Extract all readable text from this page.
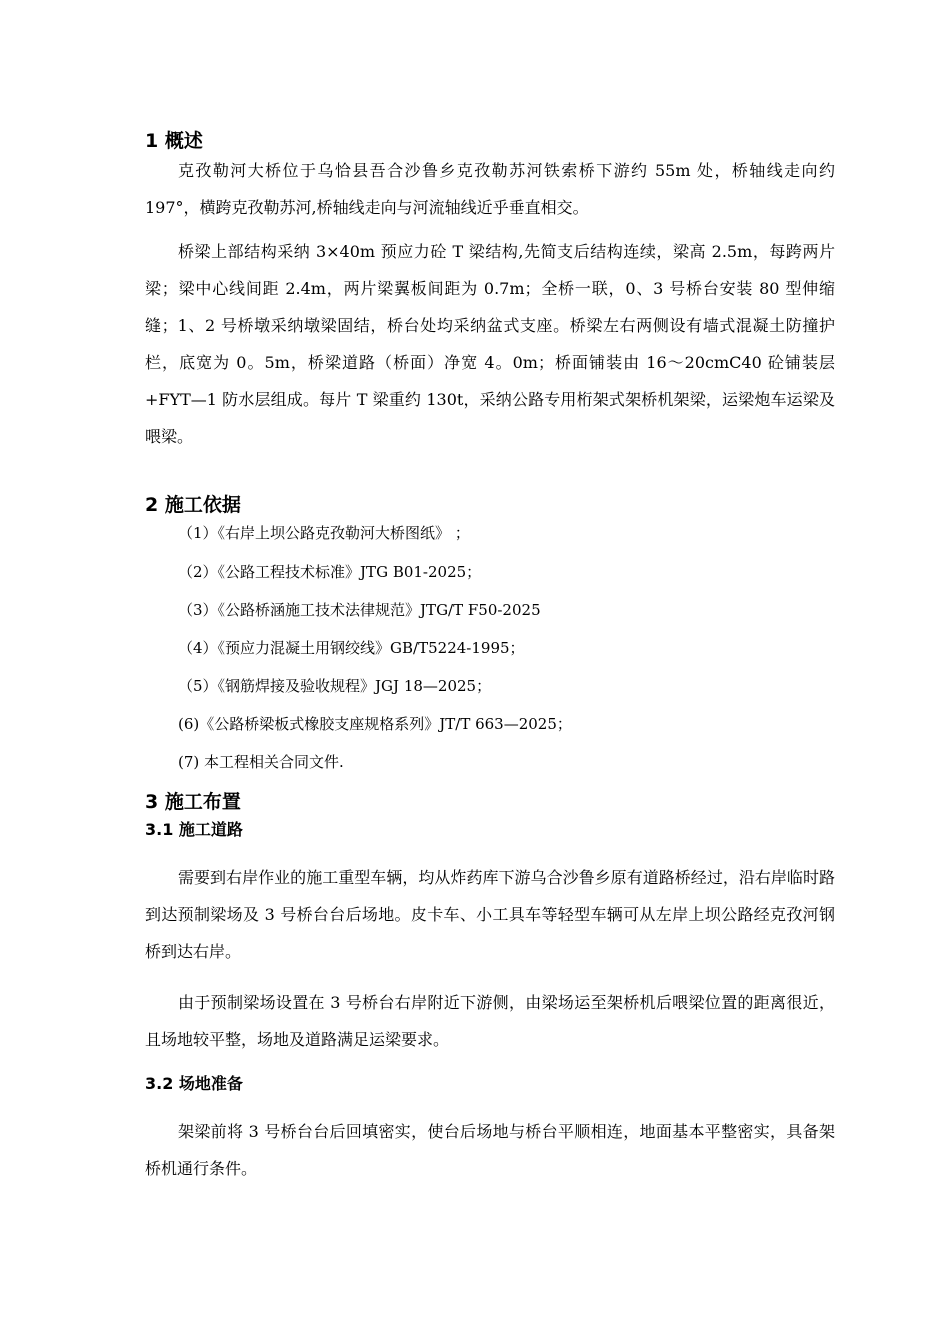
1 概述

克孜勒河大桥位于乌恰县吾合沙鲁乡克孜勒苏河铁索桥下游约 55m 处，桥轴线走向约 197°，横跨克孜勒苏河,桥轴线走向与河流轴线近乎垂直相交。

桥梁上部结构采纳 3×40m 预应力砼 T 梁结构,先简支后结构连续，梁高 2.5m，每跨两片梁；梁中心线间距 2.4m，两片梁翼板间距为 0.7m；全桥一联，0、3 号桥台安装 80 型伸缩缝；1、2 号桥墩采纳墩梁固结，桥台处均采纳盆式支座。桥梁左右两侧设有墙式混凝土防撞护栏，底宽为 0。5m，桥梁道路（桥面）净宽 4。0m；桥面铺装由 16～20cmC40 砼铺装层+FYT—1 防水层组成。每片 T 梁重约 130t，采纳公路专用桁架式架桥机架梁，运梁炮车运梁及喂梁。

2 施工依据
（1）《右岸上坝公路克孜勒河大桥图纸》 ；
（2）《公路工程技术标准》JTG B01-2025；
（3）《公路桥涵施工技术法律规范》JTG/T F50-2025
（4）《预应力混凝土用钢绞线》GB/T5224-1995；
（5）《钢筋焊接及验收规程》JGJ 18—2025；
(6)《公路桥梁板式橡胶支座规格系列》JT/T 663—2025；
(7) 本工程相关合同文件.
3 施工布置
3.1 施工道路

需要到右岸作业的施工重型车辆，均从炸药库下游乌合沙鲁乡原有道路桥经过，沿右岸临时路到达预制梁场及 3 号桥台台后场地。皮卡车、小工具车等轻型车辆可从左岸上坝公路经克孜河钢桥到达右岸。

由于预制梁场设置在 3 号桥台右岸附近下游侧，由梁场运至架桥机后喂梁位置的距离很近，且场地较平整，场地及道路满足运梁要求。

3.2 场地准备

架梁前将 3 号桥台台后回填密实，使台后场地与桥台平顺相连，地面基本平整密实，具备架桥机通行条件。
